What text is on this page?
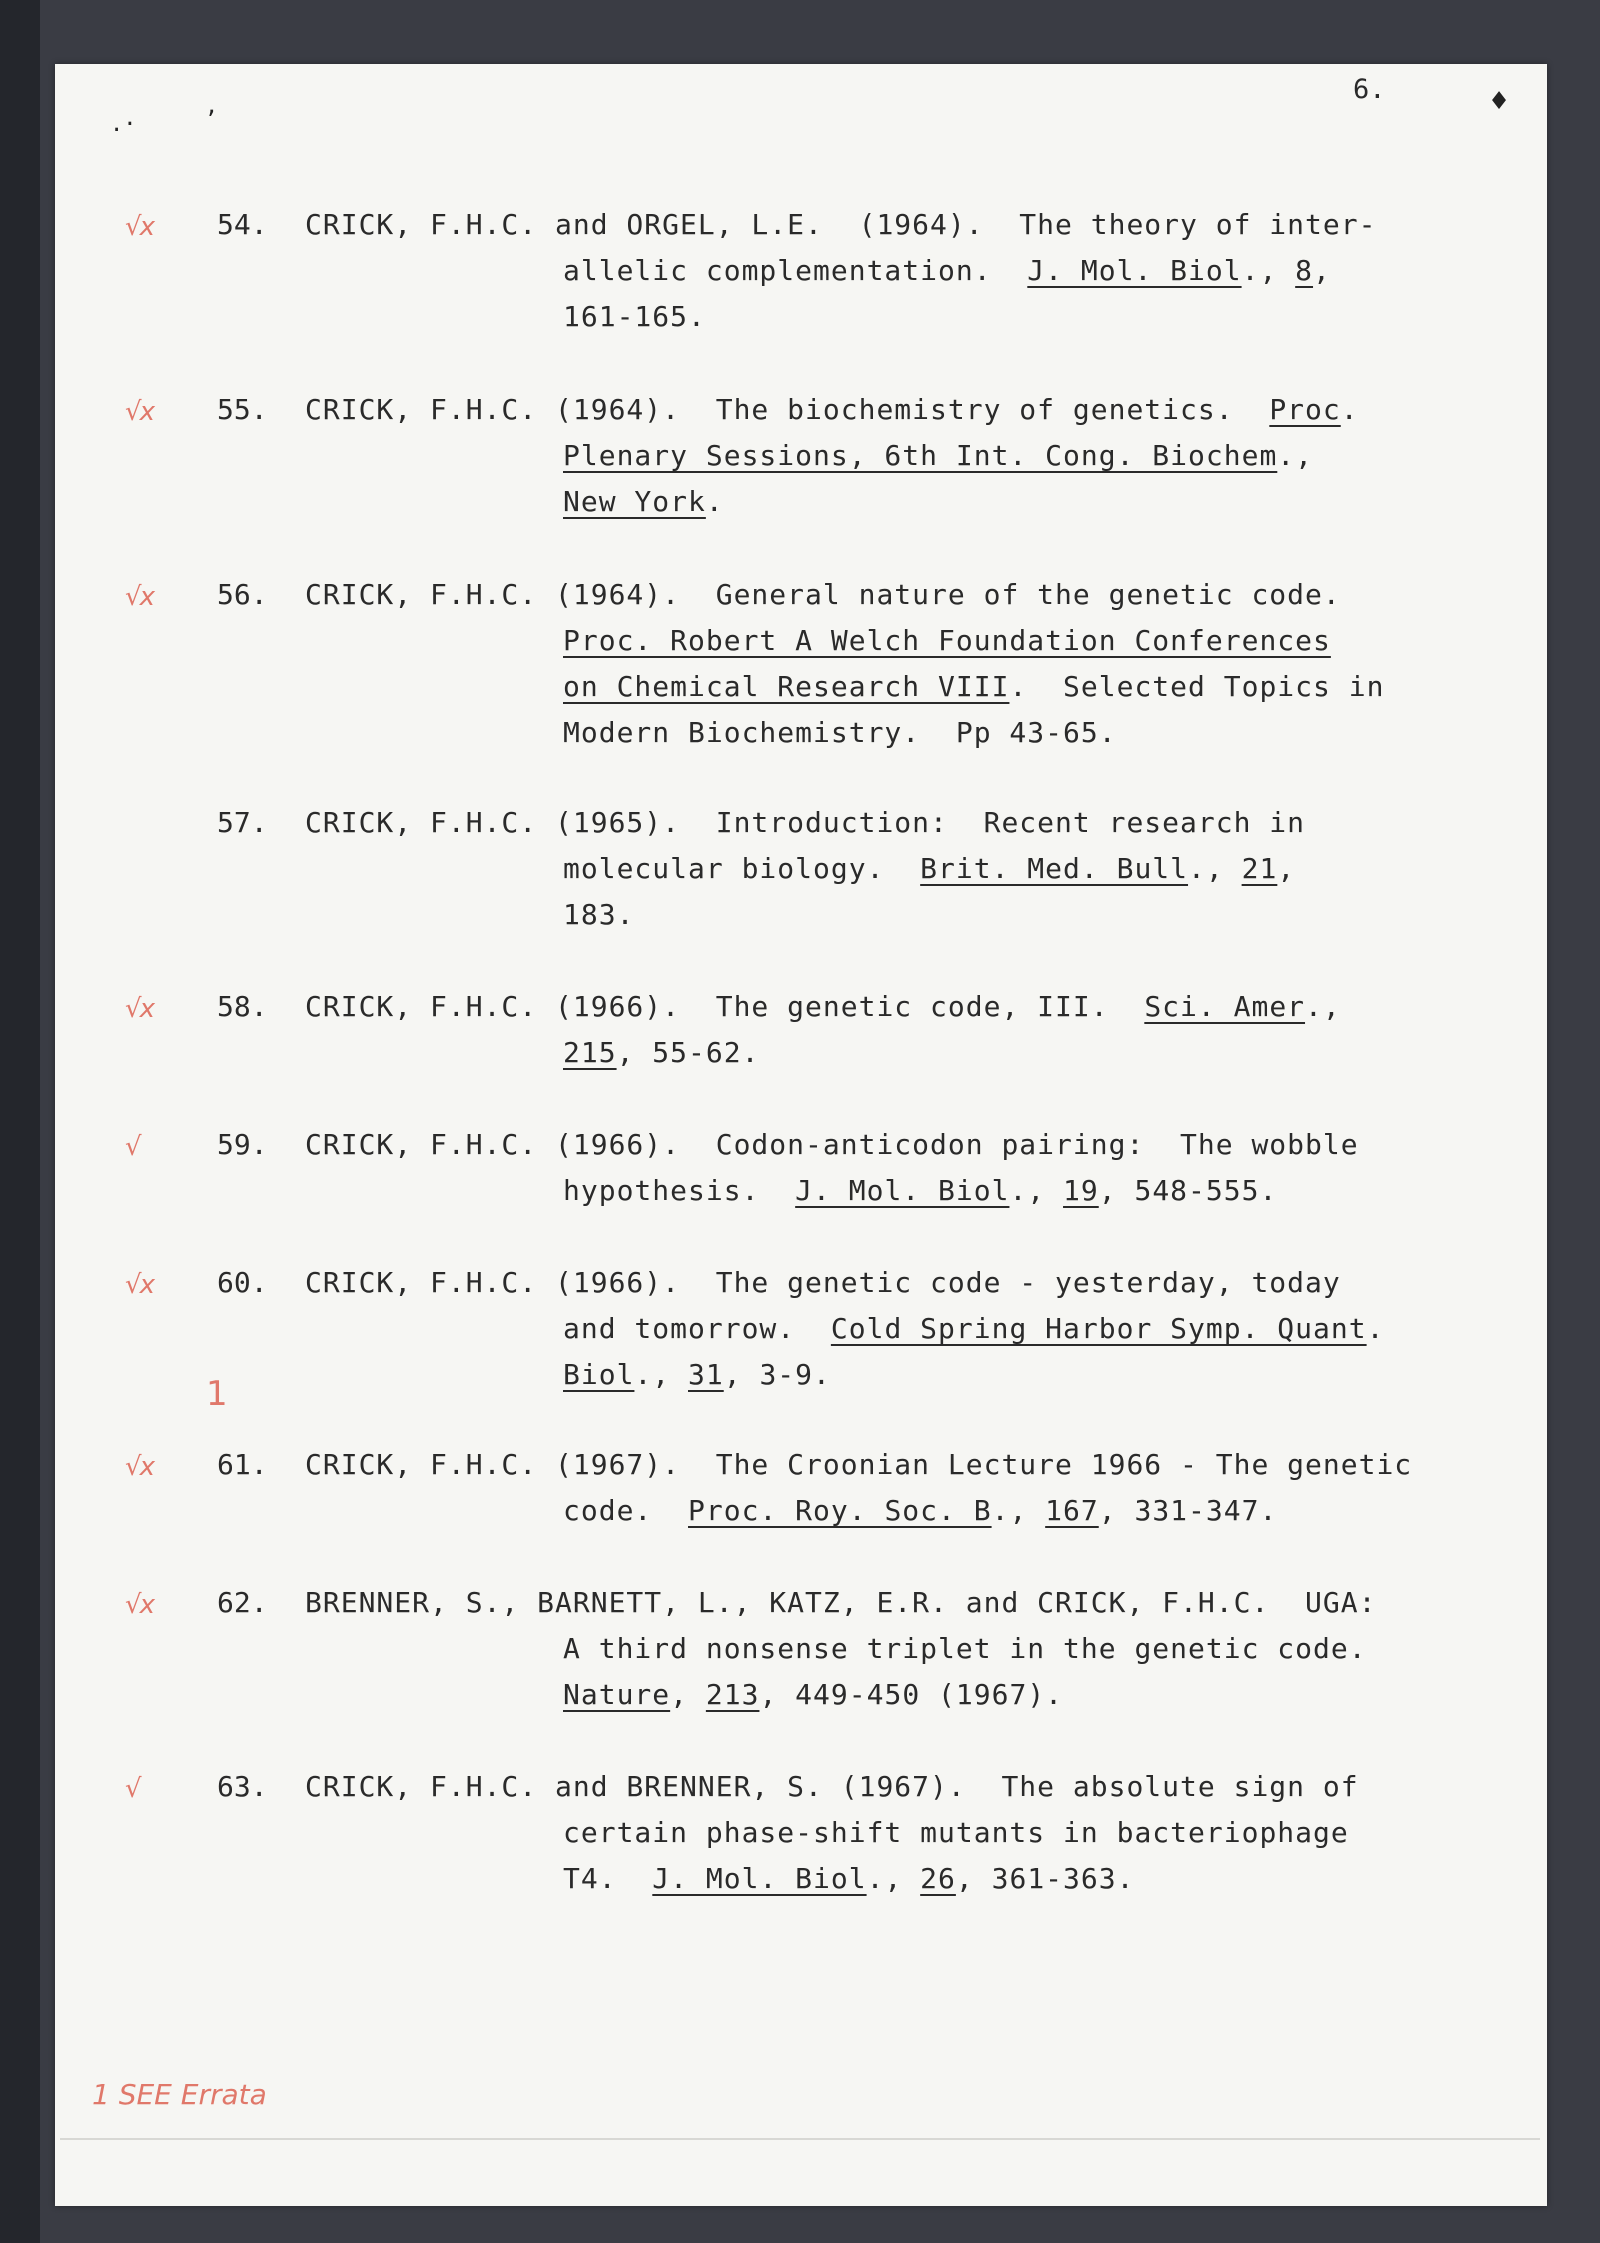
.·
‚	♦
6.
√x 54. CRICK, F.H.C. and ORGEL, L.E.  (1964).  The theory of inter-
allelic complementation.  J. Mol. Biol., 8,
161-165.
√x 55. CRICK, F.H.C. (1964).  The biochemistry of genetics.  Proc.
Plenary Sessions, 6th Int. Cong. Biochem.,
New York.
√x 56. CRICK, F.H.C. (1964).  General nature of the genetic code.
Proc. Robert A Welch Foundation Conferences
on Chemical Research VIII.  Selected Topics in
Modern Biochemistry.  Pp 43-65.
57. CRICK, F.H.C. (1965).  Introduction:  Recent research in
molecular biology.  Brit. Med. Bull., 21,
183.
√x 58. CRICK, F.H.C. (1966).  The genetic code, III.  Sci. Amer.,
215, 55-62.
√	59. CRICK, F.H.C. (1966).  Codon-anticodon pairing:  The wobble
hypothesis.  J. Mol. Biol., 19, 548-555.
√x 60. CRICK, F.H.C. (1966).  The genetic code - yesterday, today
and tomorrow.  Cold Spring Harbor Symp. Quant.
Biol., 31, 3-9.
√x 61. CRICK, F.H.C. (1967).  The Croonian Lecture 1966 - The genetic
code.  Proc. Roy. Soc. B., 167, 331-347.
√x 62. BRENNER, S., BARNETT, L., KATZ, E.R. and CRICK, F.H.C.  UGA:
A third nonsense triplet in the genetic code.
Nature, 213, 449-450 (1967).
√	63. CRICK, F.H.C. and BRENNER, S. (1967).  The absolute sign of
certain phase-shift mutants in bacteriophage
T4.  J. Mol. Biol., 26, 361-363.
1
1 SEE Errata
